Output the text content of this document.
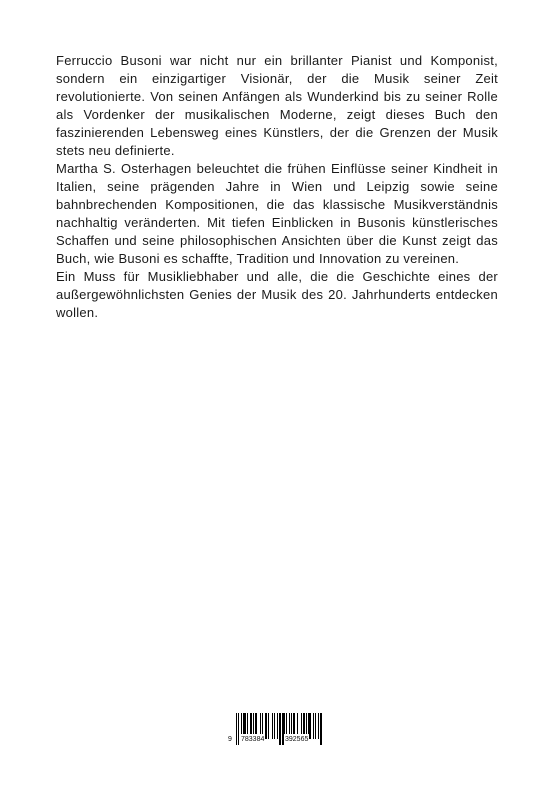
Ferruccio Busoni war nicht nur ein brillanter Pianist und Komponist, sondern ein einzigartiger Visionär, der die Musik seiner Zeit revolutionierte. Von seinen Anfängen als Wunderkind bis zu seiner Rolle als Vordenker der musikalischen Moderne, zeigt dieses Buch den faszinierenden Lebensweg eines Künstlers, der die Grenzen der Musik stets neu definierte.

Martha S. Osterhagen beleuchtet die frühen Einflüsse seiner Kindheit in Italien, seine prägenden Jahre in Wien und Leipzig sowie seine bahnbrechenden Kompositionen, die das klassische Musikverständnis nachhaltig veränderten. Mit tiefen Einblicken in Busonis künstlerisches Schaffen und seine philosophischen Ansichten über die Kunst zeigt das Buch, wie Busoni es schaffte, Tradition und Innovation zu vereinen.

Ein Muss für Musikliebhaber und alle, die die Geschichte eines der außergewöhnlichsten Genies der Musik des 20. Jahrhunderts entdecken wollen.

9 783384	392565
